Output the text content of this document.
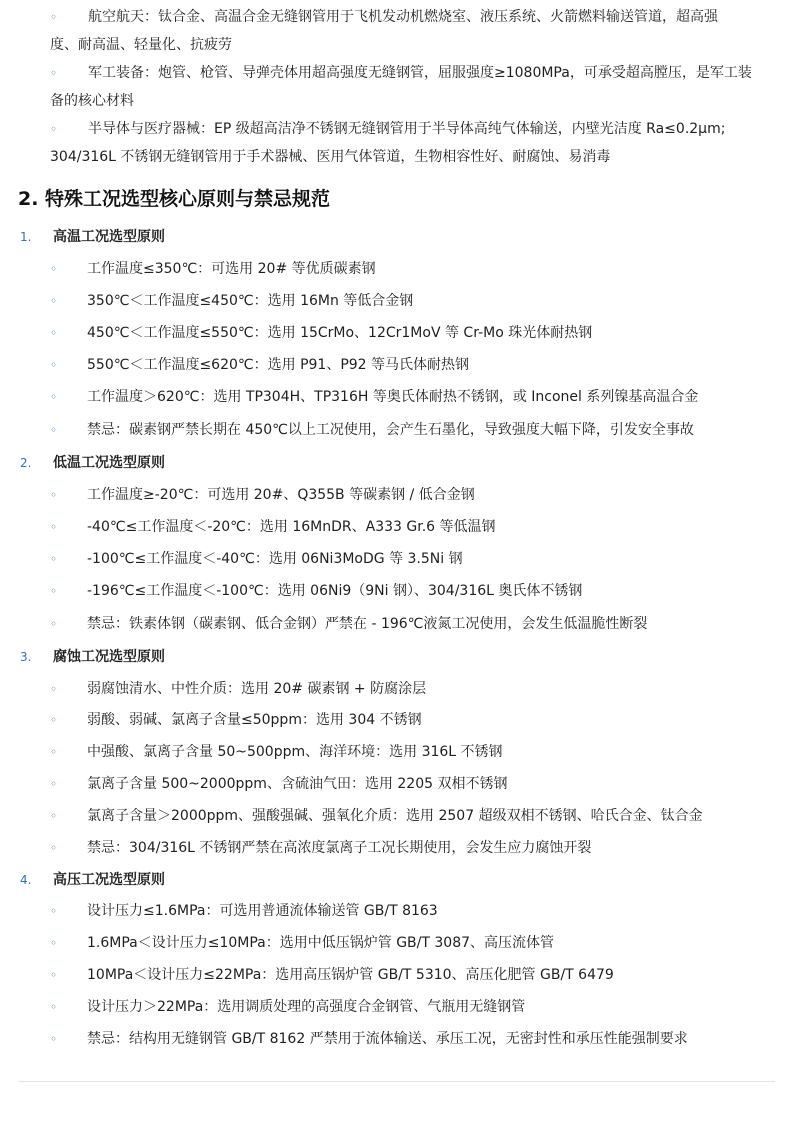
航空航天：钛合金、高温合金无缝钢管用于飞机发动机燃烧室、液压系统、火箭燃料输送管道，超高强
度、耐高温、轻量化、抗疲劳
军工装备：炮管、枪管、导弹壳体用超高强度无缝钢管，屈服强度≥1080MPa，可承受超高膛压，是军工装
备的核心材料
半导体与医疗器械：EP 级超高洁净不锈钢无缝钢管用于半导体高纯气体输送，内壁光洁度 Ra≤0.2μm;
304/316L 不锈钢无缝钢管用于手术器械、医用气体管道，生物相容性好、耐腐蚀、易消毒
◦
◦
◦
2. 特殊工况选型核心原则与禁忌规范
1. 高温工况选型原则
◦ 工作温度≤350℃：可选用 20# 等优质碳素钢
◦ 350℃＜工作温度≤450℃：选用 16Mn 等低合金钢
◦ 450℃＜工作温度≤550℃：选用 15CrMo、12Cr1MoV 等 Cr-Mo 珠光体耐热钢
◦ 550℃＜工作温度≤620℃：选用 P91、P92 等马氏体耐热钢
◦ 工作温度＞620℃：选用 TP304H、TP316H 等奥氏体耐热不锈钢，或 Inconel 系列镍基高温合金
◦ 禁忌：碳素钢严禁长期在 450℃以上工况使用，会产生石墨化，导致强度大幅下降，引发安全事故
2. 低温工况选型原则
◦ 工作温度≥-20℃：可选用 20#、Q355B 等碳素钢 / 低合金钢
◦ -40℃≤工作温度＜-20℃：选用 16MnDR、A333 Gr.6 等低温钢
◦ -100℃≤工作温度＜-40℃：选用 06Ni3MoDG 等 3.5Ni 钢
◦ -196℃≤工作温度＜-100℃：选用 06Ni9（9Ni 钢）、304/316L 奥氏体不锈钢
◦ 禁忌：铁素体钢（碳素钢、低合金钢）严禁在 - 196℃液氮工况使用，会发生低温脆性断裂
3. 腐蚀工况选型原则
◦ 弱腐蚀清水、中性介质：选用 20# 碳素钢 + 防腐涂层
◦ 弱酸、弱碱、氯离子含量≤50ppm：选用 304 不锈钢
◦ 中强酸、氯离子含量 50~500ppm、海洋环境：选用 316L 不锈钢
◦ 氯离子含量 500~2000ppm、含硫油气田：选用 2205 双相不锈钢
◦ 氯离子含量＞2000ppm、强酸强碱、强氧化介质：选用 2507 超级双相不锈钢、哈氏合金、钛合金
◦ 禁忌：304/316L 不锈钢严禁在高浓度氯离子工况长期使用，会发生应力腐蚀开裂
4. 高压工况选型原则
◦ 设计压力≤1.6MPa：可选用普通流体输送管 GB/T 8163
◦ 1.6MPa＜设计压力≤10MPa：选用中低压锅炉管 GB/T 3087、高压流体管
◦ 10MPa＜设计压力≤22MPa：选用高压锅炉管 GB/T 5310、高压化肥管 GB/T 6479
◦ 设计压力＞22MPa：选用调质处理的高强度合金钢管、气瓶用无缝钢管
◦ 禁忌：结构用无缝钢管 GB/T 8162 严禁用于流体输送、承压工况，无密封性和承压性能强制要求
